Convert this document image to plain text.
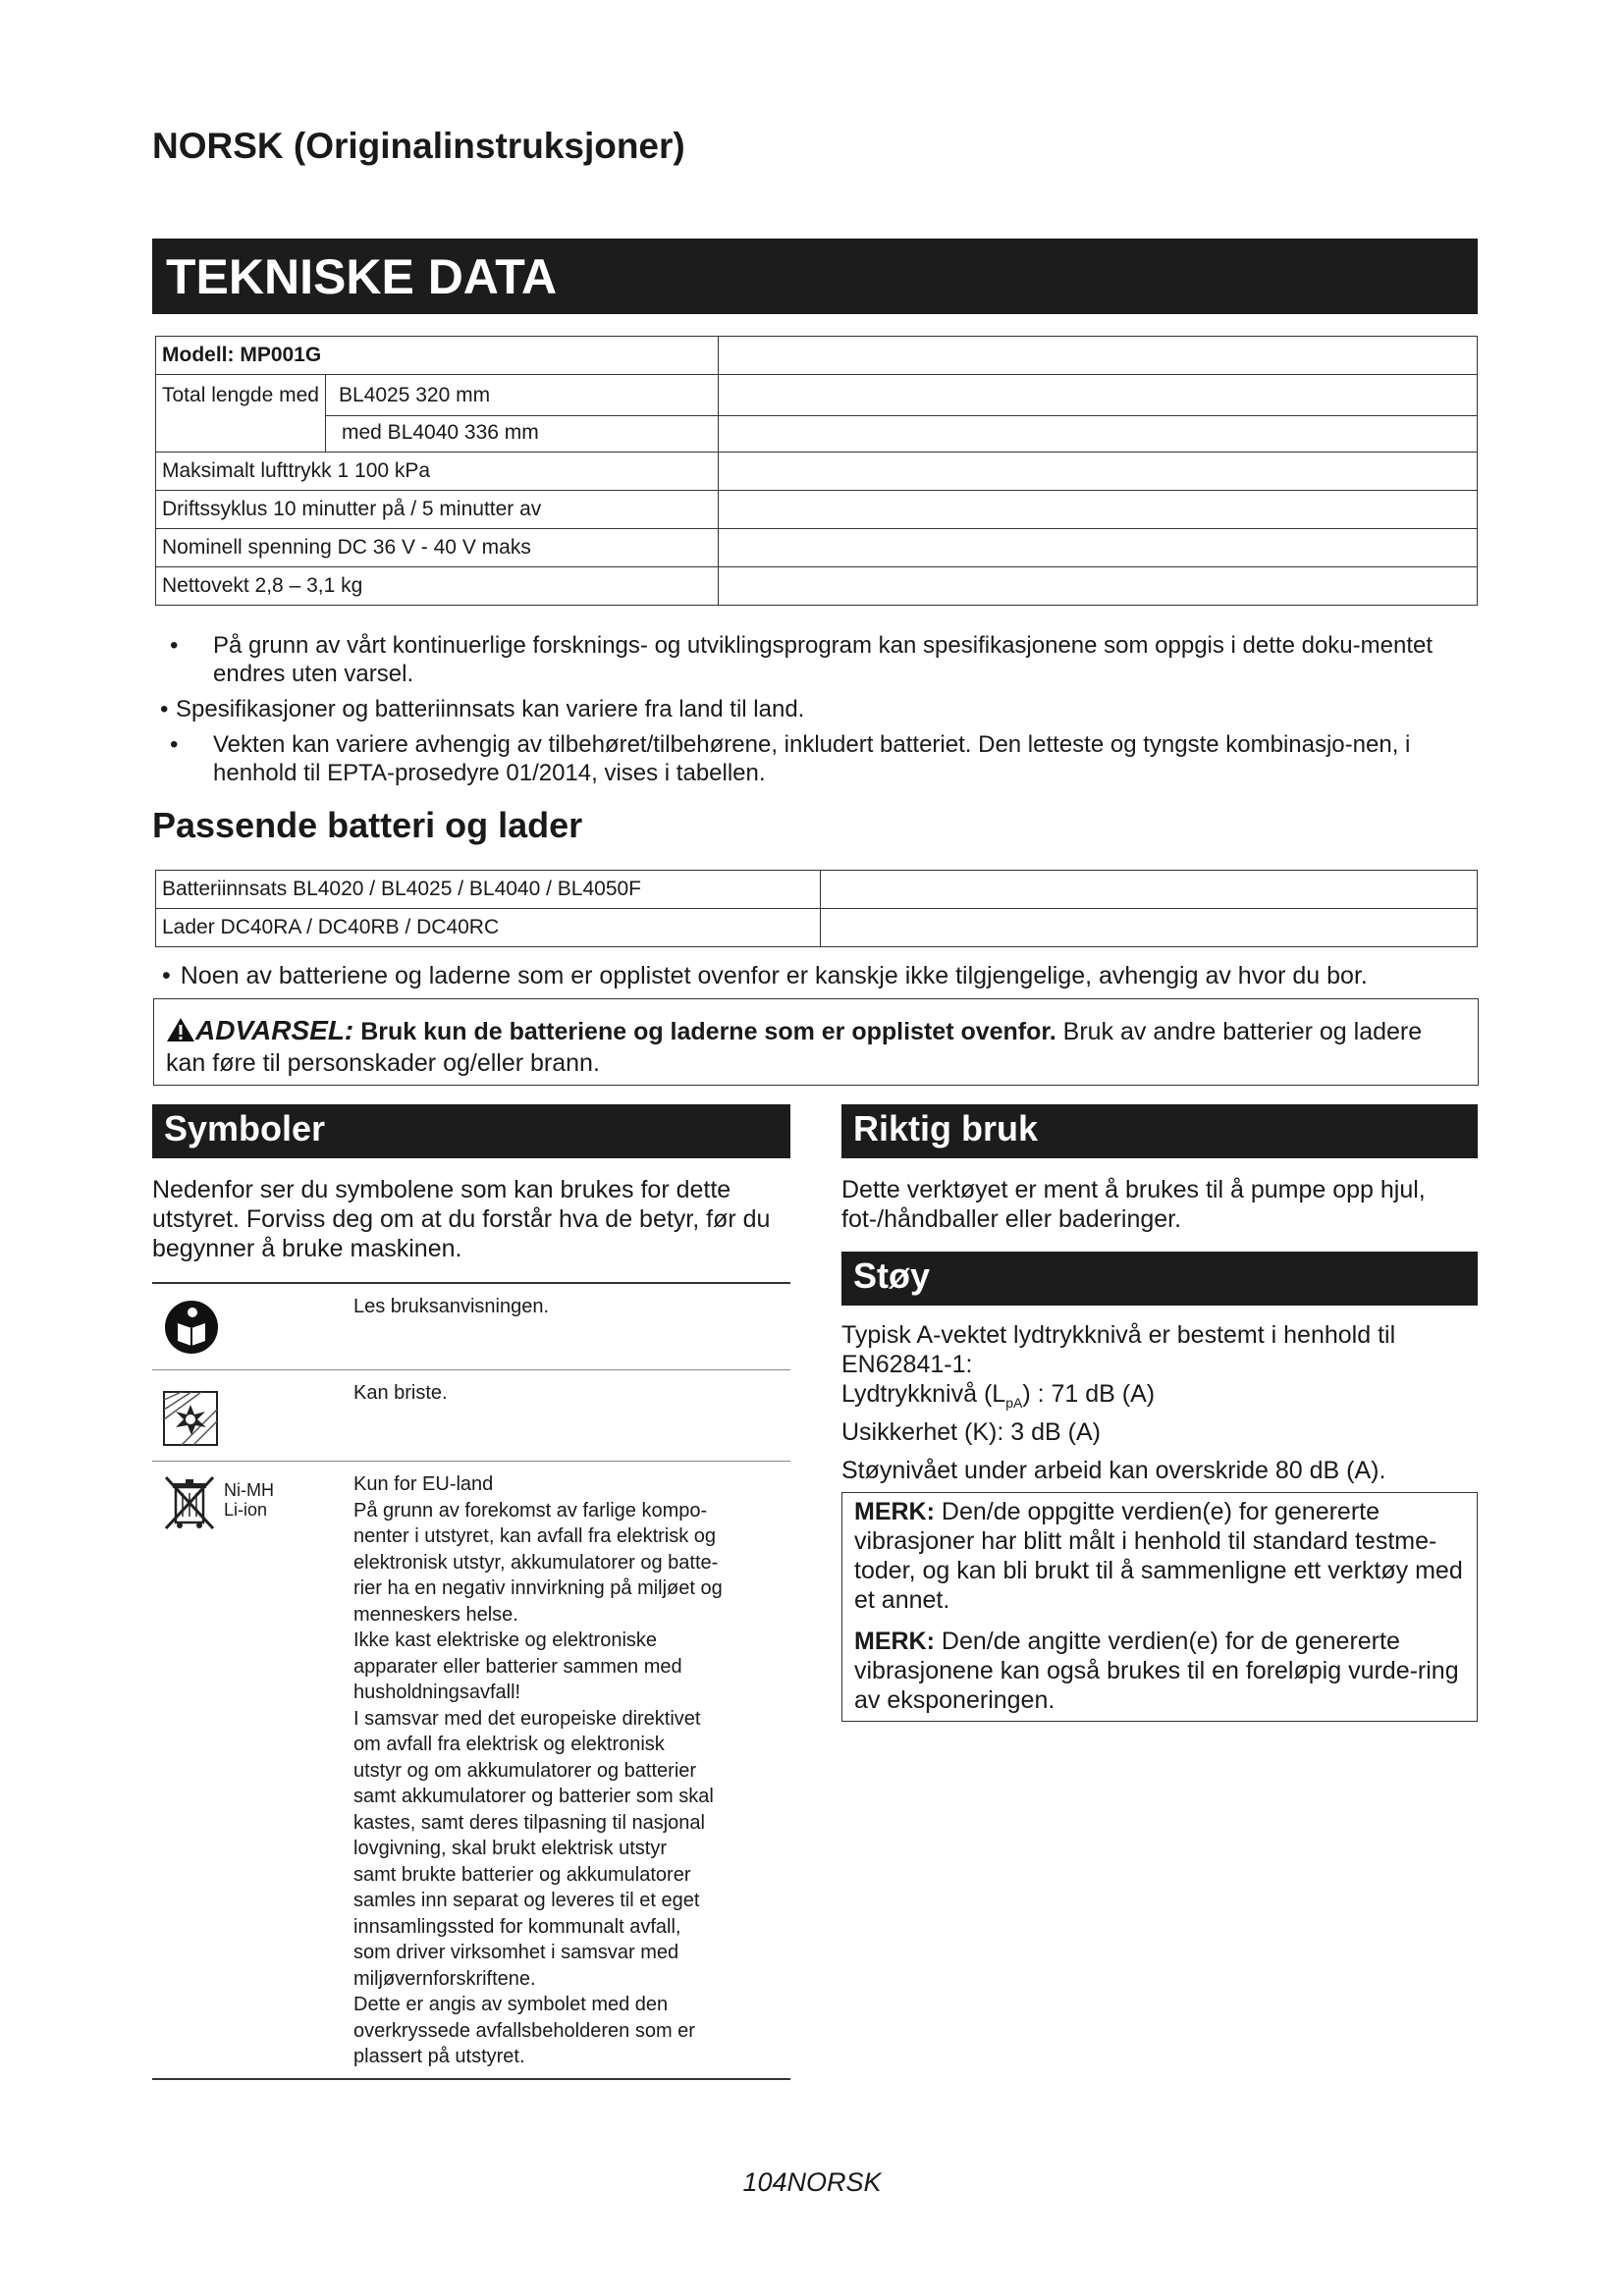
NORSK (Originalinstruksjoner)
TEKNISKE DATA
Modell: MP001G	

Total lengde med BL4025 320 mm
med BL4040 336 mm	

Maksimalt lufttrykk 1 100 kPa	
Driftssyklus 10 minutter på / 5 minutter av	
Nominell spenning DC 36 V - 40 V maks	
Nettovekt 2,8 – 3,1 kg	
• På grunn av vårt kontinuerlige forsknings- og utviklingsprogram kan spesifikasjonene som oppgis i dette doku-mentet endres uten varsel.
• Spesifikasjoner og batteriinnsats kan variere fra land til land.
• Vekten kan variere avhengig av tilbehøret/tilbehørene, inkludert batteriet. Den letteste og tyngste kombinasjo-nen, i henhold til EPTA-prosedyre 01/2014, vises i tabellen.
Passende batteri og lader
Batteriinnsats BL4020 / BL4025 / BL4040 / BL4050F	
Lader DC40RA / DC40RB / DC40RC	
• Noen av batteriene og laderne som er opplistet ovenfor er kanskje ikke tilgjengelige, avhengig av hvor du bor.
ADVARSEL: Bruk kun de batteriene og laderne som er opplistet ovenfor. Bruk av andre batterier og ladere kan føre til personskader og/eller brann.
Symboler	Riktig bruk
Nedenfor ser du symbolene som kan brukes for dette utstyret. Forviss deg om at du forstår hva de betyr, før du begynner å bruke maskinen.
Dette verktøyet er ment å brukes til å pumpe opp hjul, fot-/håndballer eller baderinger.
Støy

Typisk A-vektet lydtrykknivå er bestemt i henhold til EN62841-1:

Lydtrykknivå $(L_{pA})$ : 71 dB (A)

Usikkerhet (K): 3 dB (A)

Støynivået under arbeid kan overskride 80 dB (A).

MERK: Den/de oppgitte verdien(e) for genererte vibrasjoner har blitt målt i henhold til standard testme-toder, og kan bli brukt til å sammenligne ett verktøy med et annet.

MERK: Den/de angitte verdien(e) for de genererte vibrasjonene kan også brukes til en foreløpig vurde-ring av eksponeringen.

Les bruksanvisningen.
Kan briste.
Ni-MH
Li-ion
Kun for EU-land
På grunn av forekomst av farlige kompo-
nenter i utstyret, kan avfall fra elektrisk og
elektronisk utstyr, akkumulatorer og batte-
rier ha en negativ innvirkning på miljøet og
menneskers helse.
Ikke kast elektriske og elektroniske
apparater eller batterier sammen med
husholdningsavfall!
I samsvar med det europeiske direktivet
om avfall fra elektrisk og elektronisk
utstyr og om akkumulatorer og batterier
samt akkumulatorer og batterier som skal
kastes, samt deres tilpasning til nasjonal
lovgivning, skal brukt elektrisk utstyr
samt brukte batterier og akkumulatorer
samles inn separat og leveres til et eget
innsamlingssted for kommunalt avfall,
som driver virksomhet i samsvar med
miljøvernforskriftene.
Dette er angis av symbolet med den
overkryssede avfallsbeholderen som er
plassert på utstyret.
104NORSK
